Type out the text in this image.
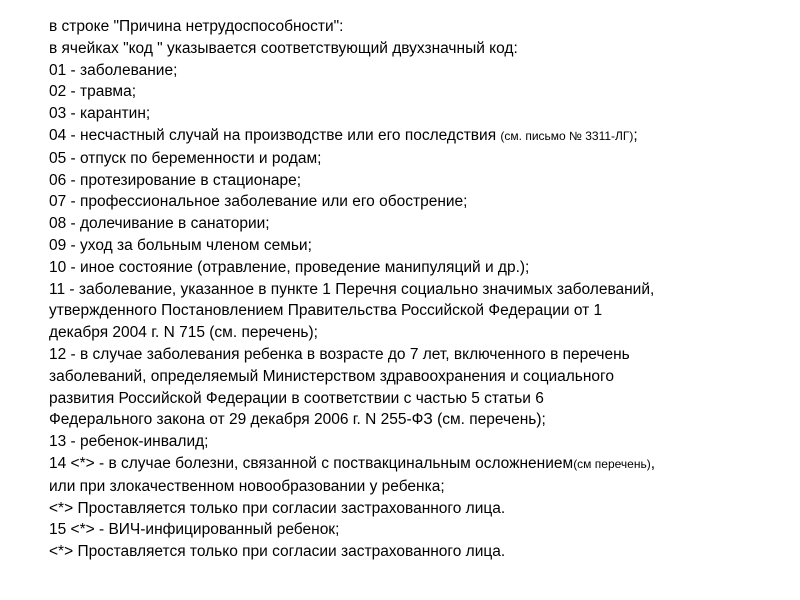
в строке "Причина нетрудоспособности":
в ячейках "код " указывается соответствующий двухзначный код:
01 - заболевание;
02 - травма;
03 - карантин;
04 - несчастный случай на производстве или его последствия (см. письмо № 3311-ЛГ);
05 - отпуск по беременности и родам;
06 - протезирование в стационаре;
07 - профессиональное заболевание или его обострение;
08 - долечивание в санатории;
09 - уход за больным членом семьи;
10 - иное состояние (отравление, проведение манипуляций и др.);
11 - заболевание, указанное в пункте 1 Перечня социально значимых заболеваний,
утвержденного Постановлением Правительства Российской Федерации от 1
декабря 2004 г. N 715 (см. перечень);
12 - в случае заболевания ребенка в возрасте до 7 лет, включенного в перечень
заболеваний, определяемый Министерством здравоохранения и социального
развития Российской Федерации в соответствии с частью 5 статьи 6
Федерального закона от 29 декабря 2006 г. N 255-ФЗ (см. перечень);
13 - ребенок-инвалид;
14 <*> - в случае болезни, связанной с поствакцинальным осложнением(см перечень),
или при злокачественном новообразовании у ребенка;
<*> Проставляется только при согласии застрахованного лица.
15 <*> - ВИЧ-инфицированный ребенок;
<*> Проставляется только при согласии застрахованного лица.
